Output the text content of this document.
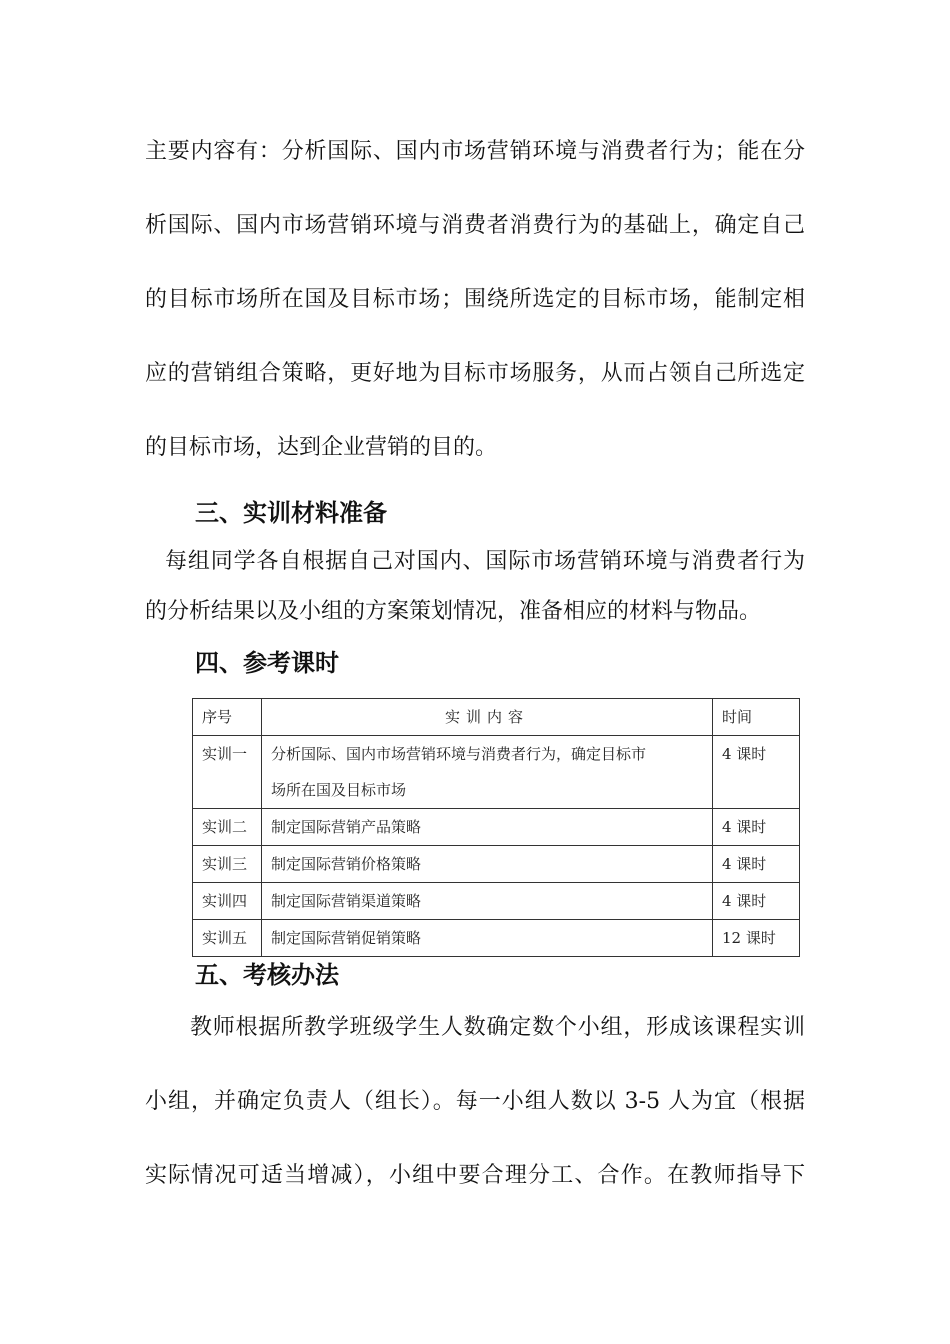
主要内容有：分析国际、国内市场营销环境与消费者行为；能在分
析国际、国内市场营销环境与消费者消费行为的基础上，确定自己
的目标市场所在国及目标市场；围绕所选定的目标市场，能制定相
应的营销组合策略，更好地为目标市场服务，从而占领自己所选定
的目标市场，达到企业营销的目的。
三、实训材料准备
每组同学各自根据自己对国内、国际市场营销环境与消费者行为
的分析结果以及小组的方案策划情况，准备相应的材料与物品。
四、参考课时
序号	实训内容	时间
实训一	分析国际、国内市场营销环境与消费者行为，确定目标市
场所在国及目标市场	4 课时
实训二	制定国际营销产品策略	4 课时
实训三	制定国际营销价格策略	4 课时
实训四	制定国际营销渠道策略	4 课时
实训五	制定国际营销促销策略	12 课时
五、考核办法
教师根据所教学班级学生人数确定数个小组，形成该课程实训
小组，并确定负责人（组长）。每一小组人数以 3-5 人为宜（根据
实际情况可适当增减），小组中要合理分工、合作。在教师指导下
